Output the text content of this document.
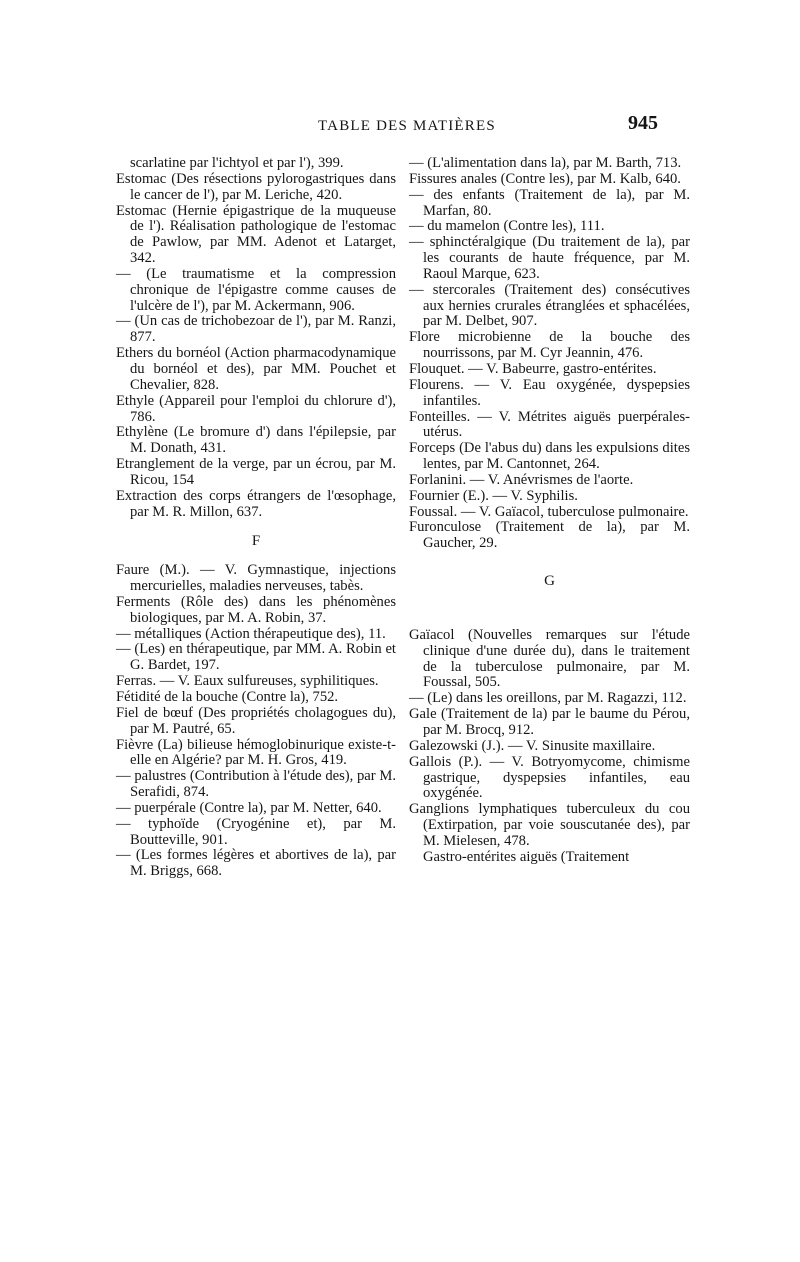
TABLE DES MATIÈRES	945
scarlatine par l'ichtyol et par l'), 399.
Estomac (Des résections pylorogastriques dans le cancer de l'), par M. Leriche, 420.
Estomac (Hernie épigastrique de la muqueuse de l'). Réalisation pathologique de l'estomac de Pawlow, par MM. Adenot et Latarget, 342.
— (Le traumatisme et la compression chronique de l'épigastre comme causes de l'ulcère de l'), par M. Ackermann, 906.
— (Un cas de trichobezoar de l'), par M. Ranzi, 877.
Ethers du bornéol (Action pharmacodynamique du bornéol et des), par MM. Pouchet et Chevalier, 828.
Ethyle (Appareil pour l'emploi du chlorure d'), 786.
Ethylène (Le bromure d') dans l'épilepsie, par M. Donath, 431.
Etranglement de la verge, par un écrou, par M. Ricou, 154
Extraction des corps étrangers de l'œsophage, par M. R. Millon, 637.
F
Faure (M.). — V. Gymnastique, injections mercurielles, maladies nerveuses, tabès.
Ferments (Rôle des) dans les phénomènes biologiques, par M. A. Robin, 37.
— métalliques (Action thérapeutique des), 11.
— (Les) en thérapeutique, par MM. A. Robin et G. Bardet, 197.
Ferras. — V. Eaux sulfureuses, syphilitiques.
Fétidité de la bouche (Contre la), 752.
Fiel de bœuf (Des propriétés cholagogues du), par M. Pautré, 65.
Fièvre (La) bilieuse hémoglobinurique existe-t-elle en Algérie? par M. H. Gros, 419.
— palustres (Contribution à l'étude des), par M. Serafidi, 874.
— puerpérale (Contre la), par M. Netter, 640.
— typhoïde (Cryogénine et), par M. Boutteville, 901.
— (Les formes légères et abortives de la), par M. Briggs, 668.
— (L'alimentation dans la), par M. Barth, 713.
Fissures anales (Contre les), par M. Kalb, 640.
— des enfants (Traitement de la), par M. Marfan, 80.
— du mamelon (Contre les), 111.
— sphinctéralgique (Du traitement de la), par les courants de haute fréquence, par M. Raoul Marque, 623.
— stercorales (Traitement des) consécutives aux hernies crurales étranglées et sphacélées, par M. Delbet, 907.
Flore microbienne de la bouche des nourrissons, par M. Cyr Jeannin, 476.
Flouquet. — V. Babeurre, gastro-entérites.
Flourens. — V. Eau oxygénée, dyspepsies infantiles.
Fonteilles. — V. Métrites aiguës puerpérales-utérus.
Forceps (De l'abus du) dans les expulsions dites lentes, par M. Cantonnet, 264.
Forlanini. — V. Anévrismes de l'aorte.
Fournier (E.). — V. Syphilis.
Foussal. — V. Gaïacol, tuberculose pulmonaire.
Furonculose (Traitement de la), par M. Gaucher, 29.
G
Gaïacol (Nouvelles remarques sur l'étude clinique d'une durée du), dans le traitement de la tuberculose pulmonaire, par M. Foussal, 505.
— (Le) dans les oreillons, par M. Ragazzi, 112.
Gale (Traitement de la) par le baume du Pérou, par M. Brocq, 912.
Galezowski (J.). — V. Sinusite maxillaire.
Gallois (P.). — V. Botryomycome, chimisme gastrique, dyspepsies infantiles, eau oxygénée.
Ganglions lymphatiques tuberculeux du cou (Extirpation, par voie souscutanée des), par M. Mielesen, 478.
Gastro-entérites aiguës (Traitement
